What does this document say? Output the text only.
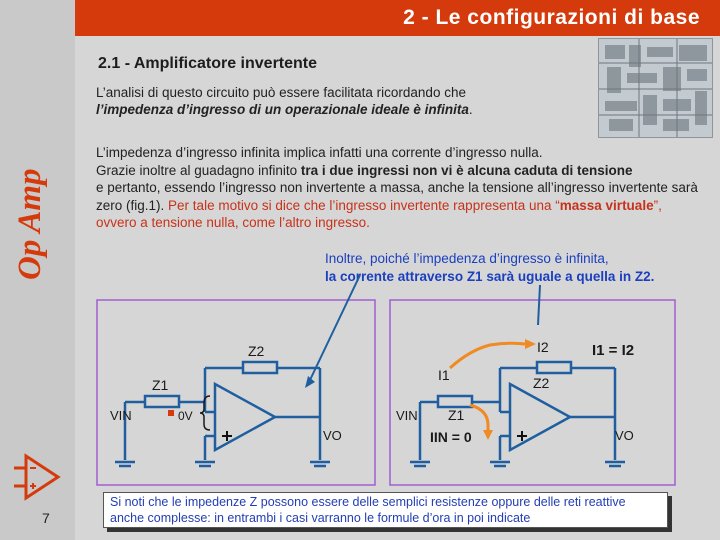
2 - Le configurazioni di base
Op Amp
2.1 - Amplificatore invertente
L’analisi di questo circuito può essere facilitata ricordando che
l’impedenza d’ingresso di un operazionale ideale è infinita.
L’impedenza d’ingresso infinita implica infatti una corrente d’ingresso nulla.
Grazie inoltre al guadagno infinito tra i due ingressi non vi è alcuna caduta di tensione
e pertanto, essendo l’ingresso non invertente a massa, anche la tensione all’ingresso invertente sarà zero (fig.1). Per tale motivo si dice che l’ingresso invertente rappresenta una “massa virtuale”, ovvero a tensione nulla, come l’altro ingresso.
Inoltre, poiché l’impedenza d’ingresso è infinita,
la corrente attraverso Z1 sarà uguale a quella in Z2.
Z2
Z1
VIN	0V
VO
I2	I1 = I2
I1	Z2
Z1
VIN
IIN = 0	VO
7
Si noti che le impedenze Z possono essere delle semplici resistenze oppure delle reti reattive anche complesse: in entrambi i casi varranno le formule d’ora in poi indicate
